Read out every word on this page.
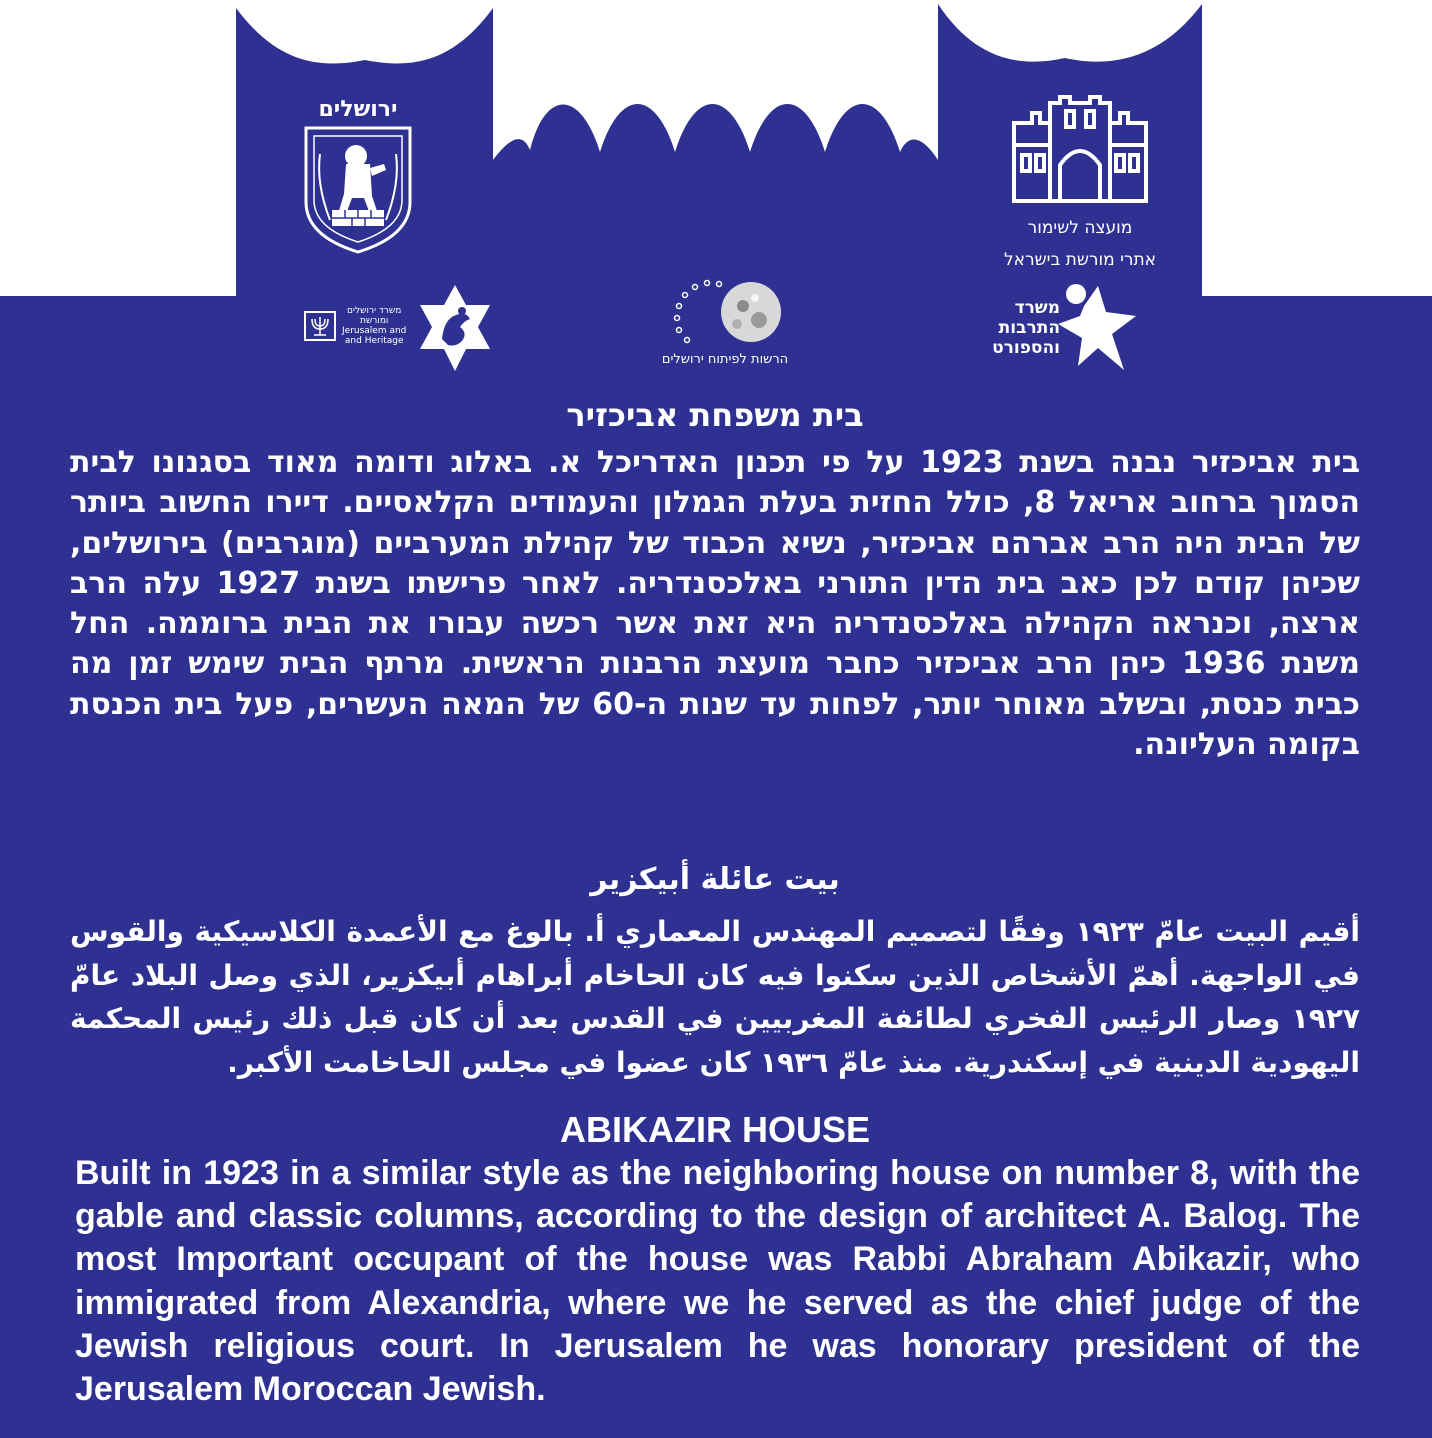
מועצה לשימור
אתרי מורשת בישראל
ירושלים
משרד
התרבות
והספורט
הרשות לפיתוח ירושלים
משרד ירושלים
ומורשת
Jerusalem and
and Heritage
בית משפחת אביכזיר

בית אביכזיר נבנה בשנת 1923 על פי תכנון האדריכל א. באלוג ודומה מאוד בסגנונו לבית הסמוך ברחוב אריאל 8, כולל החזית בעלת הגמלון והעמודים הקלאסיים. דיירו החשוב ביותר של הבית היה הרב אברהם אביכזיר, נשיא הכבוד של קהילת המערביים (מוגרבים) בירושלים, שכיהן קודם לכן כאב בית הדין התורני באלכסנדריה. לאחר פרישתו בשנת 1927 עלה הרב ארצה, וכנראה הקהילה באלכסנדריה היא זאת אשר רכשה עבורו את הבית ברוממה. החל משנת 1936 כיהן הרב אביכזיר כחבר מועצת הרבנות הראשית. מרתף הבית שימש זמן מה כבית כנסת, ובשלב מאוחר יותר, לפחות עד שנות ה-60 של המאה העשרים, פעל בית הכנסת בקומה העליונה.

بيت عائلة أبيكزير

أقيم البيت عامّ ١٩٢٣ وفقًا لتصميم المهندس المعماري أ. بالوغ مع الأعمدة الكلاسيكية والقوس في الواجهة. أهمّ الأشخاص الذين سكنوا فيه كان الحاخام أبراهام أبيكزير، الذي وصل البلاد عامّ ١٩٢٧ وصار الرئيس الفخري لطائفة المغربيين في القدس بعد أن كان قبل ذلك رئيس المحكمة اليهودية الدينية في إسكندرية. منذ عامّ ١٩٣٦ كان عضوا في مجلس الحاخامت الأكبر.

ABIKAZIR HOUSE

Built in 1923 in a similar style as the neighboring house on number 8, with the gable and classic columns, according to the design of architect A. Balog. The most Important occupant of the house was Rabbi Abraham Abikazir, who immigrated from Alexandria, where we he served as the chief judge of the Jewish religious court. In Jerusalem he was honorary president of the Jerusalem Moroccan Jewish.
